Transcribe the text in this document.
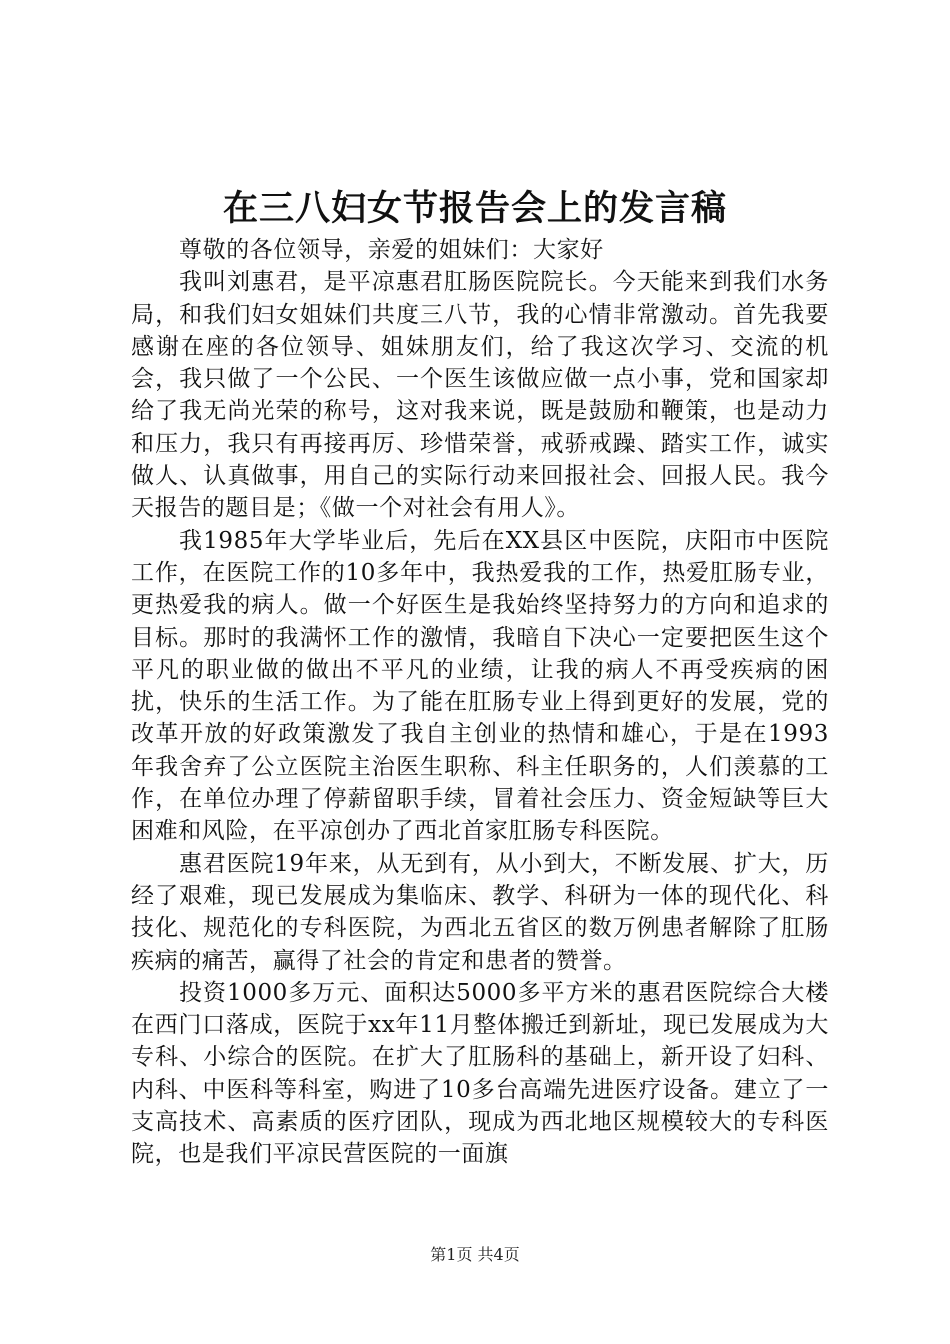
在三八妇女节报告会上的发言稿

尊敬的各位领导，亲爱的姐妹们：大家好

我叫刘惠君，是平凉惠君肛肠医院院长。今天能来到我们水务局，和我们妇女姐妹们共度三八节，我的心情非常激动。首先我要感谢在座的各位领导、姐妹朋友们，给了我这次学习、交流的机会，我只做了一个公民、一个医生该做应做一点小事，党和国家却给了我无尚光荣的称号，这对我来说，既是鼓励和鞭策，也是动力和压力，我只有再接再厉、珍惜荣誉，戒骄戒躁、踏实工作，诚实做人、认真做事，用自己的实际行动来回报社会、回报人民。我今天报告的题目是；《做一个对社会有用人》。

我1985年大学毕业后，先后在XX县区中医院，庆阳市中医院工作，在医院工作的10多年中，我热爱我的工作，热爱肛肠专业，更热爱我的病人。做一个好医生是我始终坚持努力的方向和追求的目标。那时的我满怀工作的激情，我暗自下决心一定要把医生这个平凡的职业做的做出不平凡的业绩，让我的病人不再受疾病的困扰，快乐的生活工作。为了能在肛肠专业上得到更好的发展，党的改革开放的好政策激发了我自主创业的热情和雄心，于是在1993年我舍弃了公立医院主治医生职称、科主任职务的，人们羡慕的工作，在单位办理了停薪留职手续，冒着社会压力、资金短缺等巨大困难和风险，在平凉创办了西北首家肛肠专科医院。

惠君医院19年来，从无到有，从小到大，不断发展、扩大，历经了艰难，现已发展成为集临床、教学、科研为一体的现代化、科技化、规范化的专科医院，为西北五省区的数万例患者解除了肛肠疾病的痛苦，赢得了社会的肯定和患者的赞誉。

投资1000多万元、面积达5000多平方米的惠君医院综合大楼在西门口落成，医院于xx年11月整体搬迁到新址，现已发展成为大专科、小综合的医院。在扩大了肛肠科的基础上，新开设了妇科、内科、中医科等科室，购进了10多台高端先进医疗设备。建立了一支高技术、高素质的医疗团队，现成为西北地区规模较大的专科医院，也是我们平凉民营医院的一面旗

第1页 共4页
